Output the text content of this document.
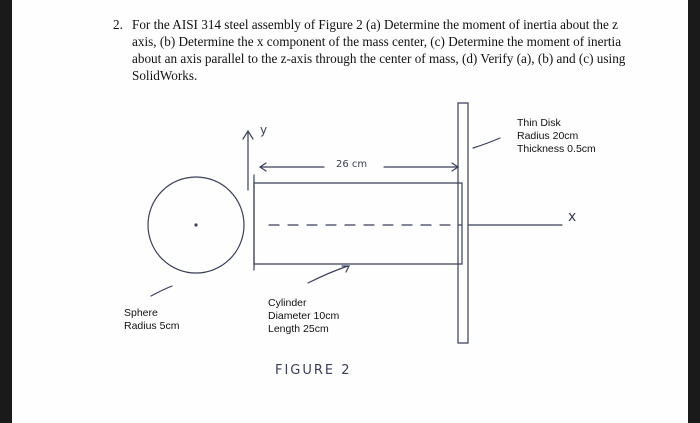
2. For the AISI 314 steel assembly of Figure 2 (a) Determine the moment of inertia about the z axis, (b) Determine the x component of the mass center, (c) Determine the moment of inertia about an axis parallel to the z-axis through the center of mass, (d) Verify (a), (b) and (c) using SolidWorks.
y
26 cm
x
Thin Disk
Radius 20cm
Thickness 0.5cm
Sphere
Radius 5cm
Cylinder
Diameter 10cm
Length 25cm
FIGURE 2
